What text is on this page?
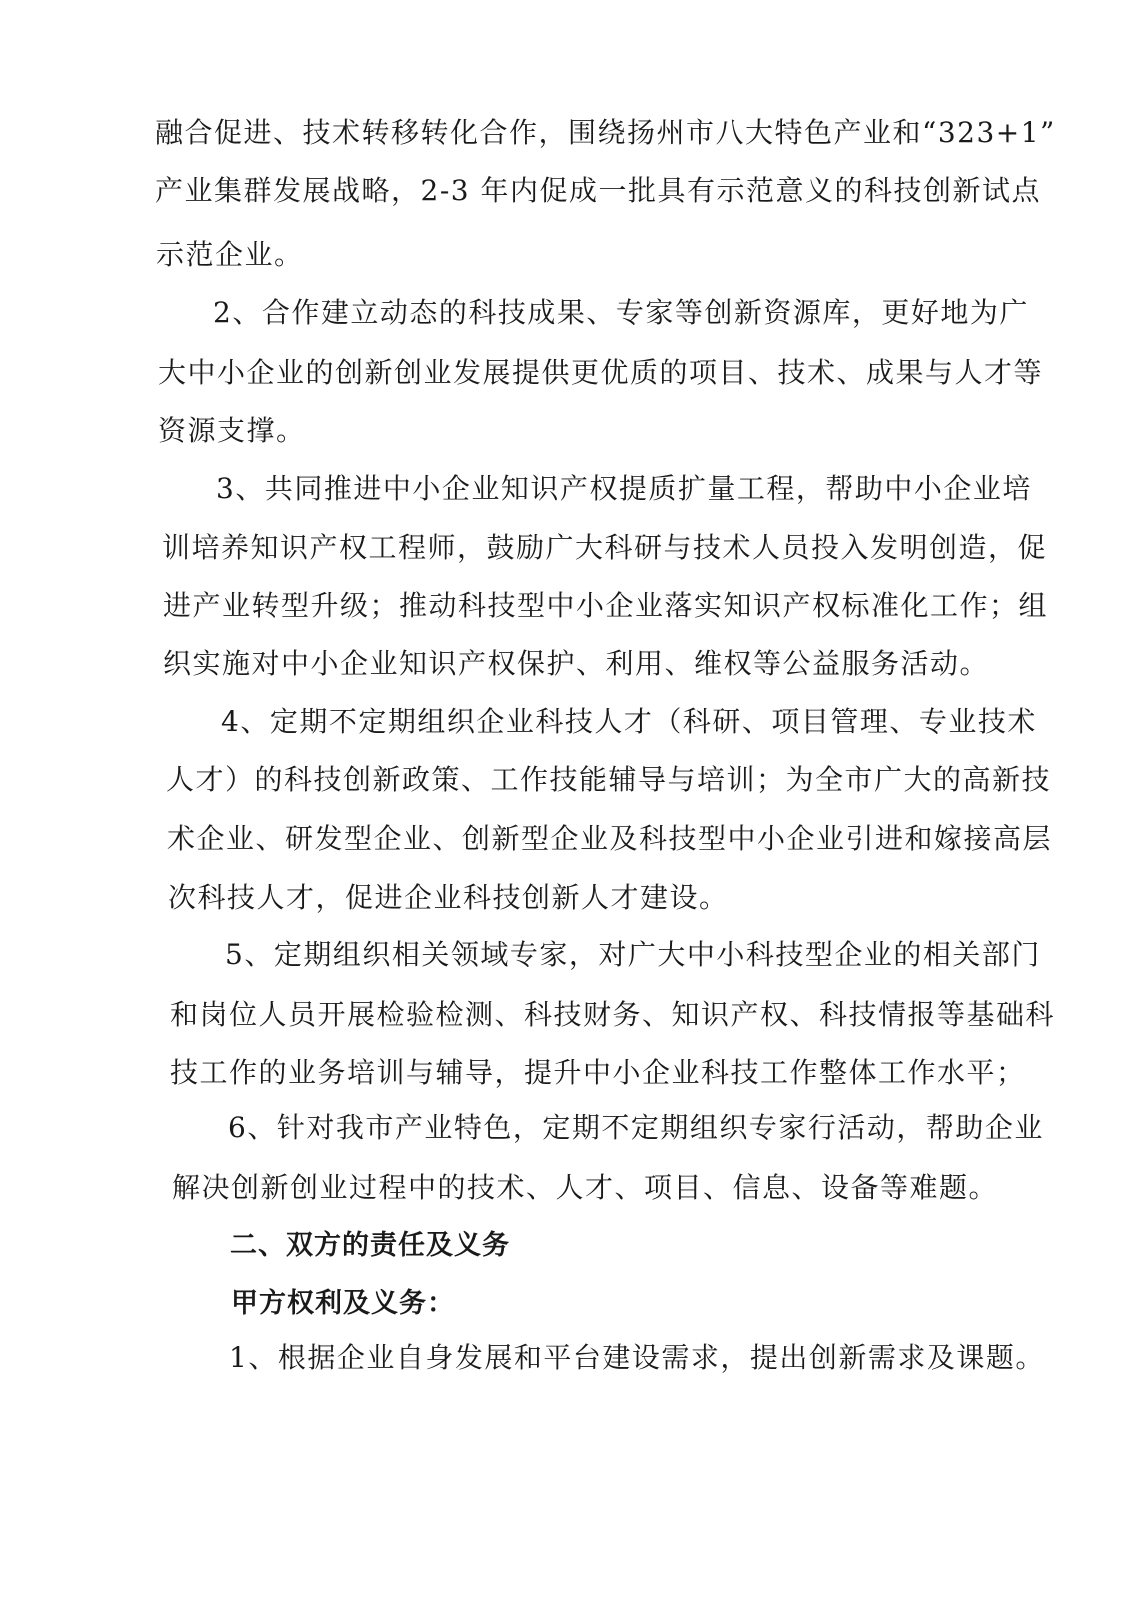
融合促进、技术转移转化合作，围绕扬州市八大特色产业和“323+1”
产业集群发展战略，2-3 年内促成一批具有示范意义的科技创新试点
示范企业。
2、合作建立动态的科技成果、专家等创新资源库，更好地为广
大中小企业的创新创业发展提供更优质的项目、技术、成果与人才等
资源支撑。
3、共同推进中小企业知识产权提质扩量工程，帮助中小企业培
训培养知识产权工程师，鼓励广大科研与技术人员投入发明创造，促
进产业转型升级；推动科技型中小企业落实知识产权标准化工作；组
织实施对中小企业知识产权保护、利用、维权等公益服务活动。
4、定期不定期组织企业科技人才（科研、项目管理、专业技术
人才）的科技创新政策、工作技能辅导与培训；为全市广大的高新技
术企业、研发型企业、创新型企业及科技型中小企业引进和嫁接高层
次科技人才，促进企业科技创新人才建设。
5、定期组织相关领域专家，对广大中小科技型企业的相关部门
和岗位人员开展检验检测、科技财务、知识产权、科技情报等基础科
技工作的业务培训与辅导，提升中小企业科技工作整体工作水平；
6、针对我市产业特色，定期不定期组织专家行活动，帮助企业
解决创新创业过程中的技术、人才、项目、信息、设备等难题。
二、双方的责任及义务
甲方权利及义务：
1、根据企业自身发展和平台建设需求，提出创新需求及课题。
